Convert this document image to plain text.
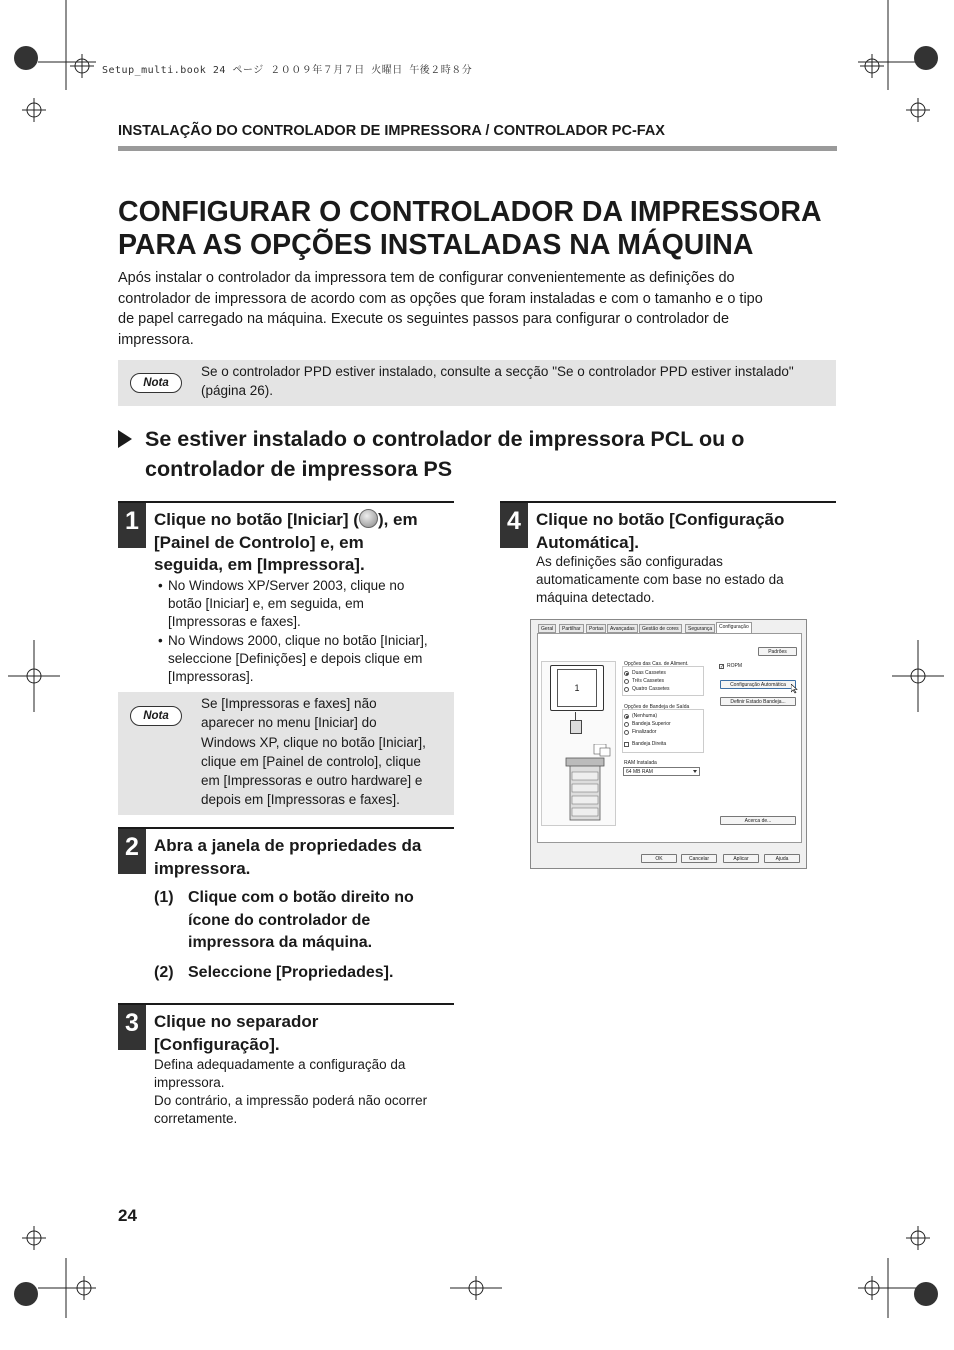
Setup_multi.book 24 ページ ２００９年７月７日 火曜日 午後２時８分
INSTALAÇÃO DO CONTROLADOR DE IMPRESSORA / CONTROLADOR PC-FAX
CONFIGURAR O CONTROLADOR DA IMPRESSORA
PARA AS OPÇÕES INSTALADAS NA MÁQUINA
Após instalar o controlador da impressora tem de configurar convenientemente as definições do
controlador de impressora de acordo com as opções que foram instaladas e com o tamanho e o tipo
de papel carregado na máquina. Execute os seguintes passos para configurar o controlador de
impressora.
Nota
Se o controlador PPD estiver instalado, consulte a secção "Se o controlador PPD estiver instalado"
(página 26).
Se estiver instalado o controlador de impressora PCL ou o
controlador de impressora PS
1 Clique no botão [Iniciar] ( ), em
[Painel de Controlo] e, em
seguida, em [Impressora].
• No Windows XP/Server 2003, clique no
botão [Iniciar] e, em seguida, em
[Impressoras e faxes].
• No Windows 2000, clique no botão [Iniciar],
seleccione [Definições] e depois clique em
[Impressoras].
Nota
Se [Impressoras e faxes] não
aparecer no menu [Iniciar] do
Windows XP, clique no botão [Iniciar],
clique em [Painel de controlo], clique
em [Impressoras e outro hardware] e
depois em [Impressoras e faxes].
2 Abra a janela de propriedades da
impressora.
(1) Clique com o botão direito no
ícone do controlador de
impressora da máquina.
(2) Seleccione [Propriedades].
3 Clique no separador
[Configuração].
Defina adequadamente a configuração da
impressora.
Do contrário, a impressão poderá não ocorrer
corretamente.
4 Clique no botão [Configuração
Automática].
As definições são configuradas
automaticamente com base no estado da
máquina detectado.
Geral	Partilhar	Portas	Avançadas	Gestão de cores	Segurança	Configuração
Padrões
1
Opções das Cas. de Aliment.
Duas Cassetes
Três Cassetes
Quatro Cassetes
Opções de Bandeja de Saída
(Nenhuma)
Bandeja Superior
Finalizador
Bandeja Direita
RAM Instalada
64 MB RAM
✓ ROPM
Configuração Automática
Definir Estado Bandeja...
Acerca de...
OK	Cancelar	Aplicar	Ajuda
24
